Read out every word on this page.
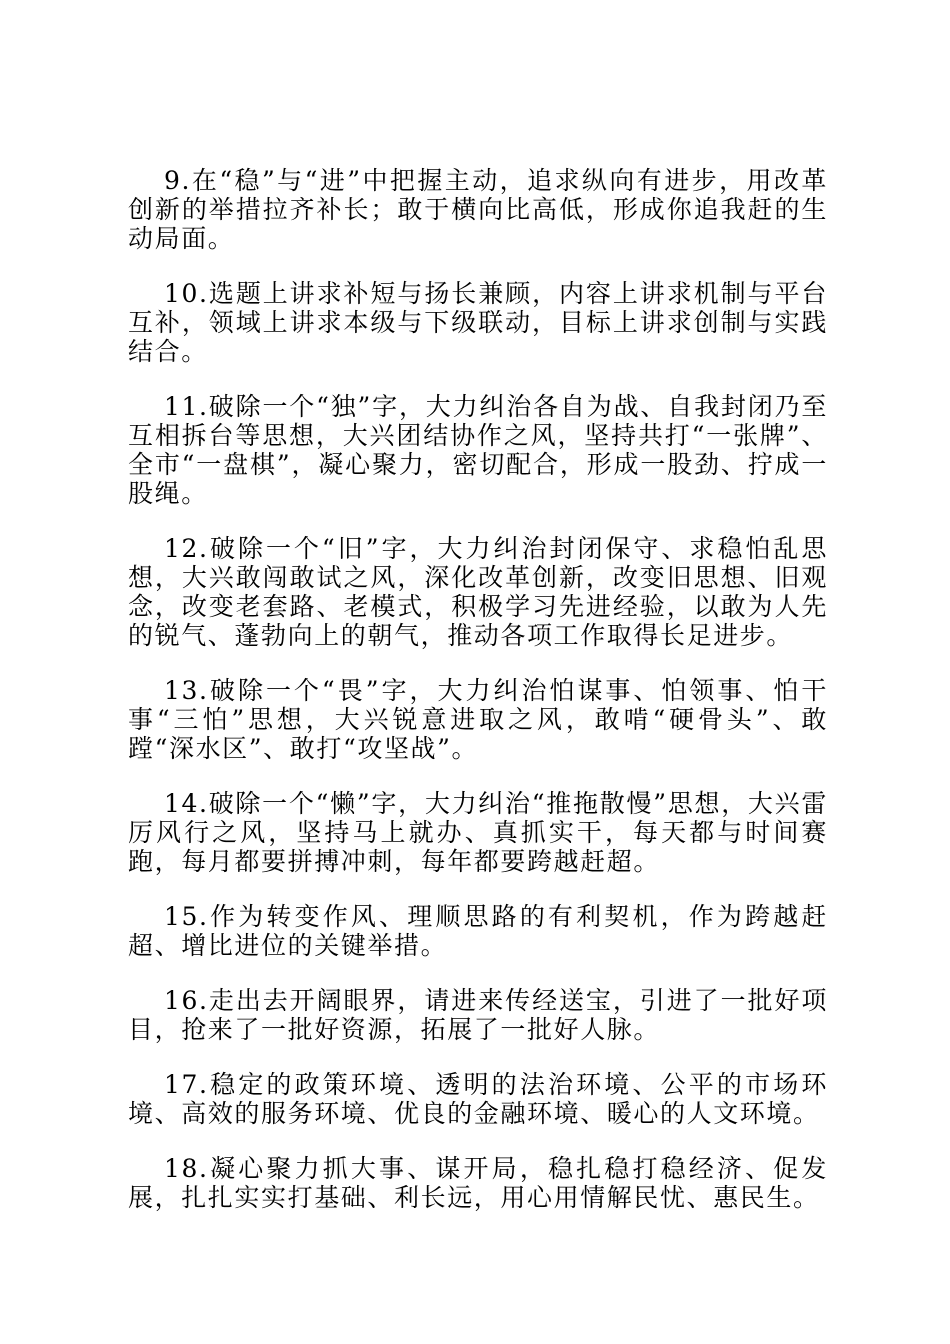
9.在“稳”与“进”中把握主动，追求纵向有进步，用改革创新的举措拉齐补长；敢于横向比高低，形成你追我赶的生动局面。

10.选题上讲求补短与扬长兼顾，内容上讲求机制与平台互补，领域上讲求本级与下级联动，目标上讲求创制与实践结合。

11.破除一个“独”字，大力纠治各自为战、自我封闭乃至互相拆台等思想，大兴团结协作之风，坚持共打“一张牌”、全市“一盘棋”，凝心聚力，密切配合，形成一股劲、拧成一股绳。

12.破除一个“旧”字，大力纠治封闭保守、求稳怕乱思想，大兴敢闯敢试之风，深化改革创新，改变旧思想、旧观念，改变老套路、老模式，积极学习先进经验，以敢为人先的锐气、蓬勃向上的朝气，推动各项工作取得长足进步。

13.破除一个“畏”字，大力纠治怕谋事、怕领事、怕干事“三怕”思想，大兴锐意进取之风，敢啃“硬骨头”、敢蹚“深水区”、敢打“攻坚战”。

14.破除一个“懒”字，大力纠治“推拖散慢”思想，大兴雷厉风行之风，坚持马上就办、真抓实干，每天都与时间赛跑，每月都要拼搏冲刺，每年都要跨越赶超。

15.作为转变作风、理顺思路的有利契机，作为跨越赶超、增比进位的关键举措。

16.走出去开阔眼界，请进来传经送宝，引进了一批好项目，抢来了一批好资源，拓展了一批好人脉。

17.稳定的政策环境、透明的法治环境、公平的市场环境、高效的服务环境、优良的金融环境、暖心的人文环境。

18.凝心聚力抓大事、谋开局，稳扎稳打稳经济、促发展，扎扎实实打基础、利长远，用心用情解民忧、惠民生。
